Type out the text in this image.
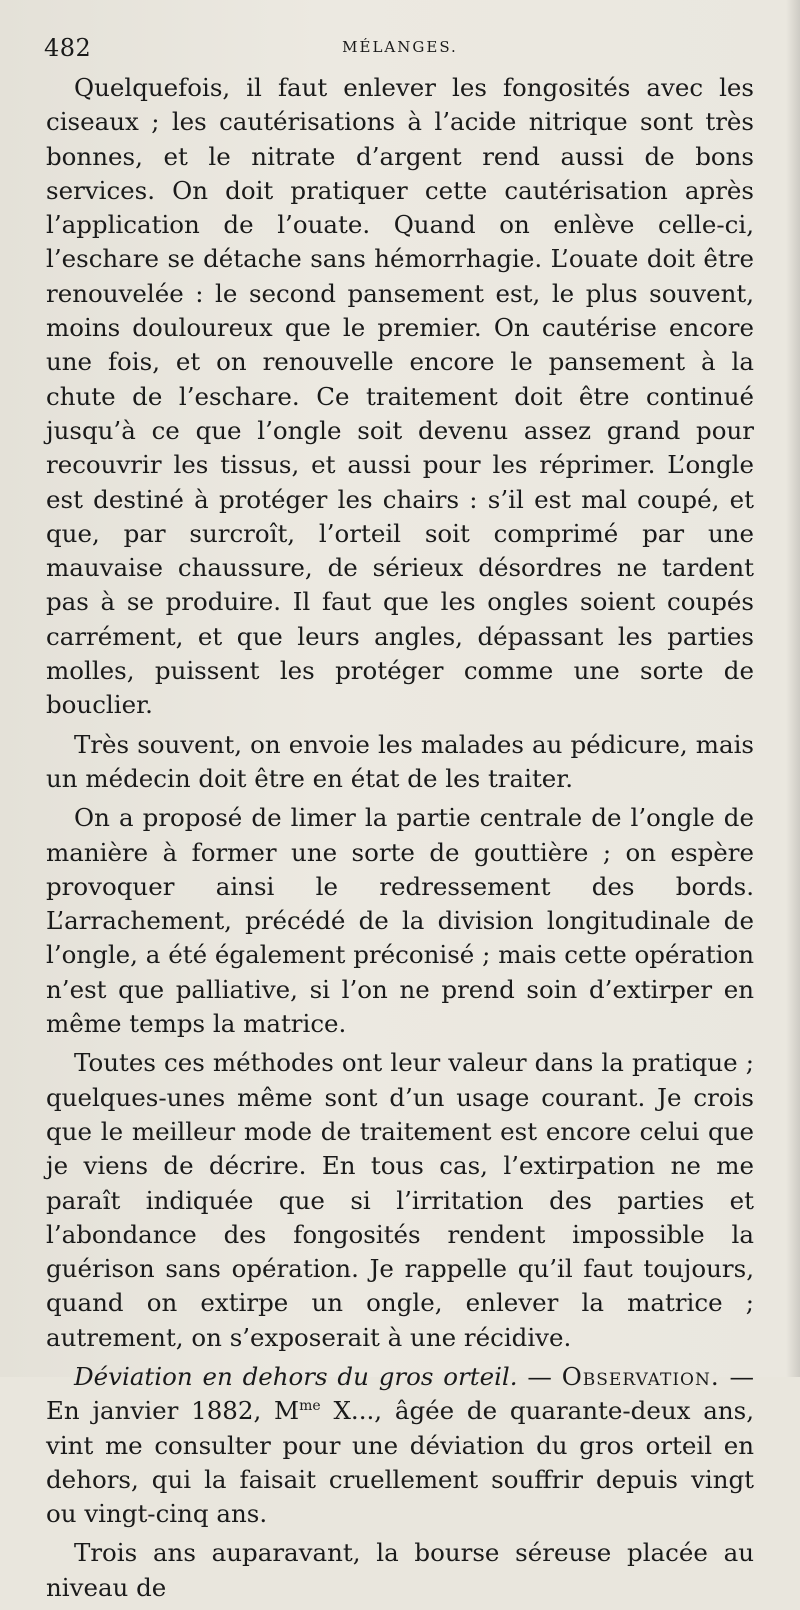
482	MÉLANGES.

Quelquefois, il faut enlever les fongosités avec les ciseaux ; les cautérisations à l’acide nitrique sont très bonnes, et le nitrate d’argent rend aussi de bons services. On doit pratiquer cette cautérisation après l’application de l’ouate. Quand on enlève celle-ci, l’eschare se détache sans hémorrhagie. L’ouate doit être renouvelée : le second pansement est, le plus souvent, moins douloureux que le premier. On cautérise encore une fois, et on renouvelle encore le pansement à la chute de l’eschare. Ce traitement doit être continué jusqu’à ce que l’ongle soit devenu assez grand pour recouvrir les tissus, et aussi pour les réprimer. L’ongle est destiné à protéger les chairs : s’il est mal coupé, et que, par surcroît, l’orteil soit comprimé par une mauvaise chaussure, de sérieux désordres ne tardent pas à se produire. Il faut que les ongles soient coupés carrément, et que leurs angles, dépassant les parties molles, puissent les protéger comme une sorte de bouclier.

Très souvent, on envoie les malades au pédicure, mais un médecin doit être en état de les traiter.

On a proposé de limer la partie centrale de l’ongle de manière à former une sorte de gouttière ; on espère provoquer ainsi le redressement des bords. L’arrachement, précédé de la division longitudinale de l’ongle, a été également préconisé ; mais cette opération n’est que palliative, si l’on ne prend soin d’extirper en même temps la matrice.

Toutes ces méthodes ont leur valeur dans la pratique ; quelques-unes même sont d’un usage courant. Je crois que le meilleur mode de traitement est encore celui que je viens de décrire. En tous cas, l’extirpation ne me paraît indiquée que si l’irritation des parties et l’abondance des fongosités rendent impossible la guérison sans opération. Je rappelle qu’il faut toujours, quand on extirpe un ongle, enlever la matrice ; autrement, on s’exposerait à une récidive.

Déviation en dehors du gros orteil. — Observation. — En janvier 1882, $M^{me}$ X..., âgée de quarante-deux ans, vint me consulter pour une déviation du gros orteil en dehors, qui la faisait cruellement souffrir depuis vingt ou vingt-cinq ans.

Trois ans auparavant, la bourse séreuse placée au niveau de
